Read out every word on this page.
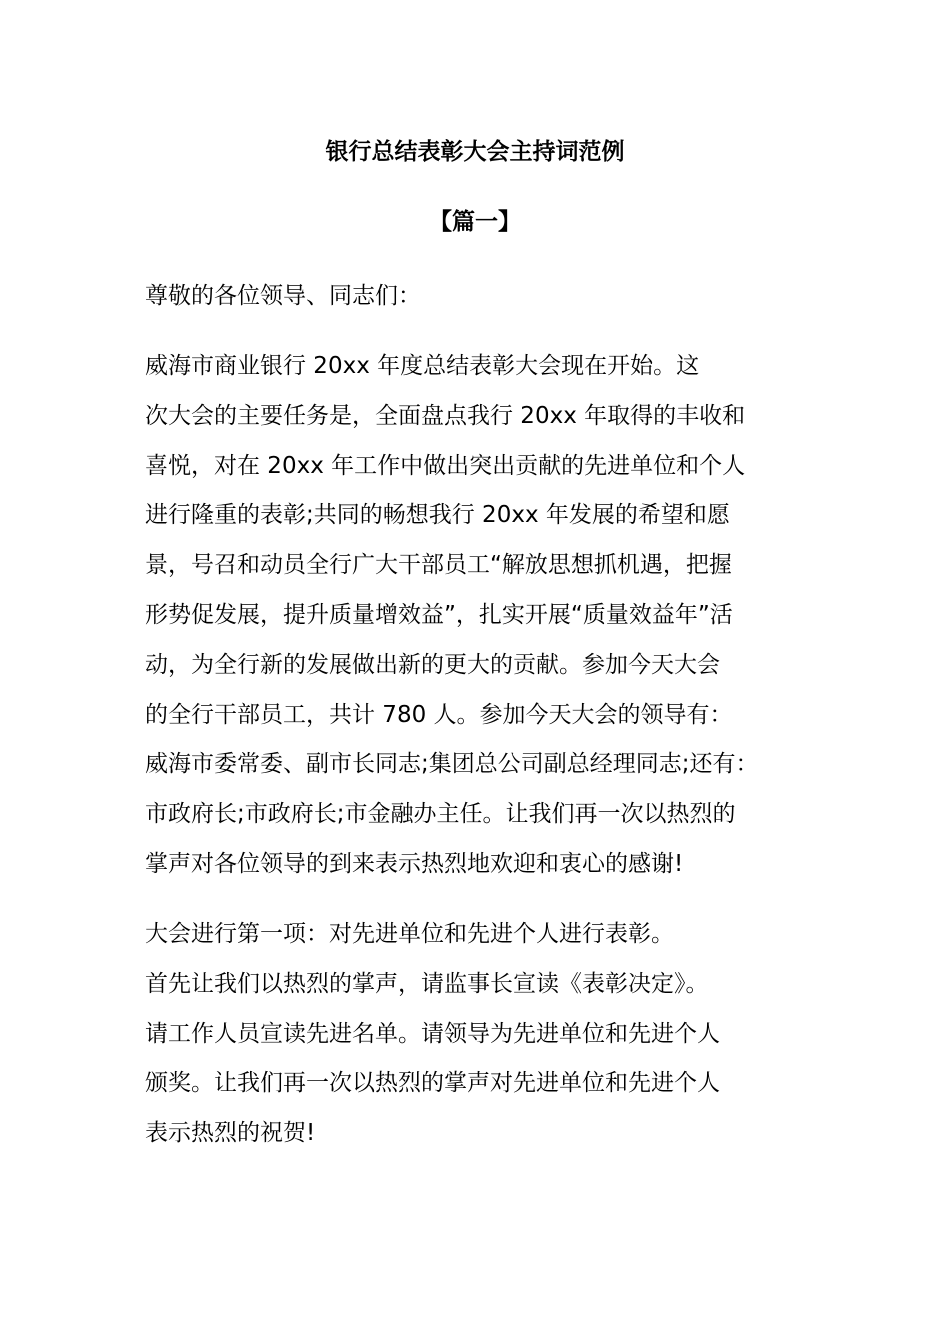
银行总结表彰大会主持词范例
【篇一】
尊敬的各位领导、同志们：
威海市商业银行 20xx 年度总结表彰大会现在开始。这
次大会的主要任务是，全面盘点我行 20xx 年取得的丰收和
喜悦，对在 20xx 年工作中做出突出贡献的先进单位和个人
进行隆重的表彰;共同的畅想我行 20xx 年发展的希望和愿
景，号召和动员全行广大干部员工“解放思想抓机遇，把握
形势促发展，提升质量增效益”，扎实开展“质量效益年”活
动，为全行新的发展做出新的更大的贡献。参加今天大会
的全行干部员工，共计 780 人。参加今天大会的领导有：
威海市委常委、副市长同志;集团总公司副总经理同志;还有：
市政府长;市政府长;市金融办主任。让我们再一次以热烈的
掌声对各位领导的到来表示热烈地欢迎和衷心的感谢!
大会进行第一项：对先进单位和先进个人进行表彰。
首先让我们以热烈的掌声，请监事长宣读《表彰决定》。
请工作人员宣读先进名单。请领导为先进单位和先进个人
颁奖。让我们再一次以热烈的掌声对先进单位和先进个人
表示热烈的祝贺!
